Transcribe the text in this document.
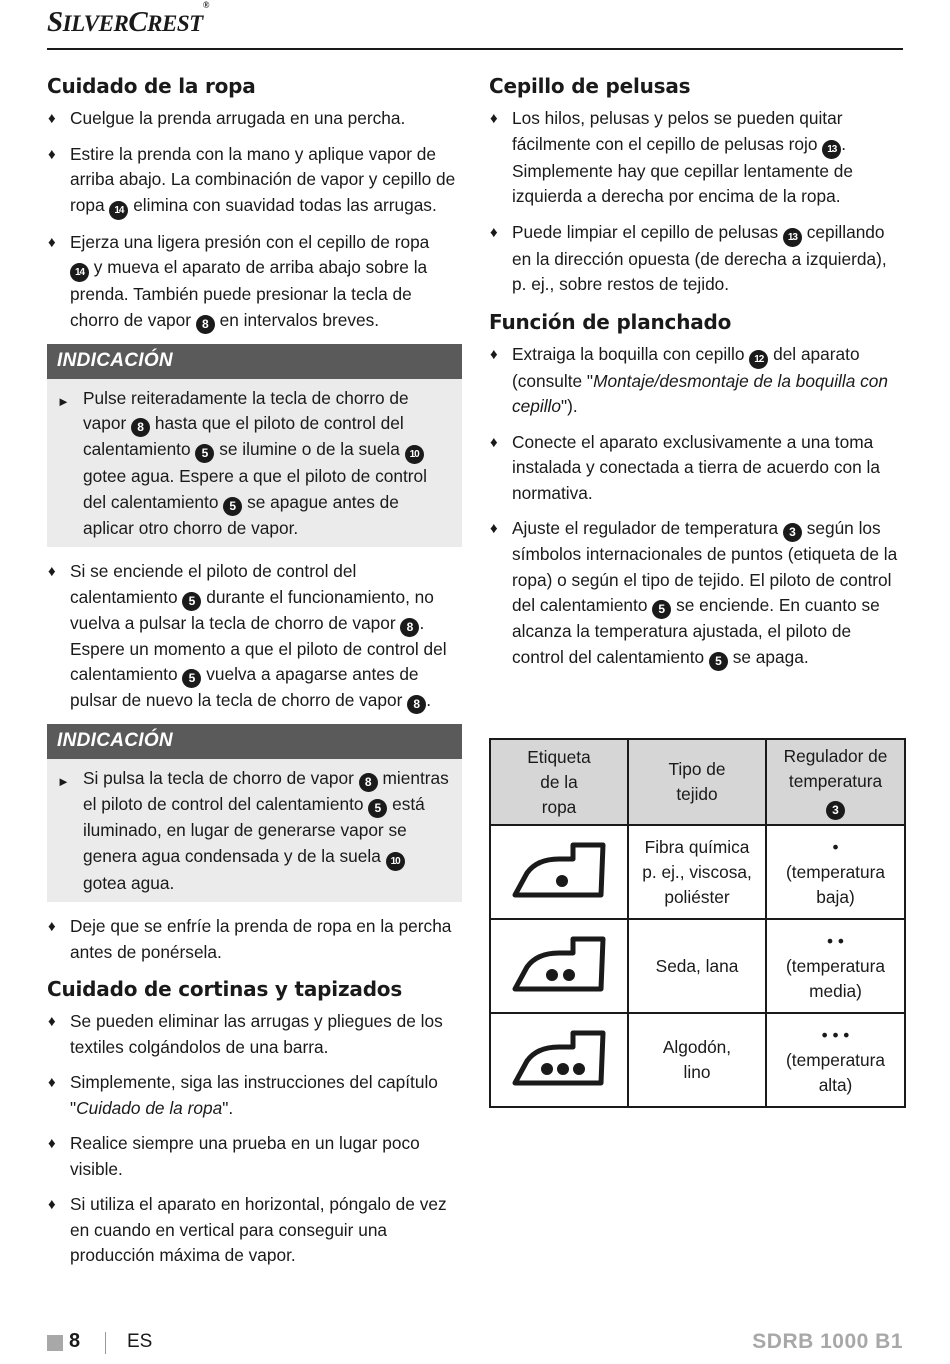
SILVERCREST®
Cuidado de la ropa
♦ Cuelgue la prenda arrugada en una percha.
♦ Estire la prenda con la mano y aplique vapor de arriba abajo. La combinación de vapor y cepillo de ropa 14 elimina con suavidad todas las arrugas.
♦ Ejerza una ligera presión con el cepillo de ropa
14 y mueva el aparato de arriba abajo sobre la prenda. También puede presionar la tecla de chorro de vapor 8 en intervalos breves.
INDICACIÓN
► Pulse reiteradamente la tecla de chorro de vapor 8 hasta que el piloto de control del calentamiento 5 se ilumine o de la suela 10 gotee agua. Espere a que el piloto de control del calentamiento 5 se apague antes de aplicar otro chorro de vapor.
♦ Si se enciende el piloto de control del calentamiento 5 durante el funcionamiento, no vuelva a pulsar la tecla de chorro de vapor 8 . Espere un momento a que el piloto de control del calentamiento 5 vuelva a apagarse antes de pulsar de nuevo la tecla de chorro de vapor 8 .
INDICACIÓN
► Si pulsa la tecla de chorro de vapor 8 mientras el piloto de control del calentamiento 5 está iluminado, en lugar de generarse vapor se genera agua condensada y de la suela 10 gotea agua.
♦ Deje que se enfríe la prenda de ropa en la percha antes de ponérsela.
Cuidado de cortinas y tapizados
♦ Se pueden eliminar las arrugas y pliegues de los textiles colgándolos de una barra.
♦ Simplemente, siga las instrucciones del capítulo "Cuidado de la ropa".
♦ Realice siempre una prueba en un lugar poco visible.
♦ Si utiliza el aparato en horizontal, póngalo de vez en cuando en vertical para conseguir una producción máxima de vapor.
Cepillo de pelusas
♦ Los hilos, pelusas y pelos se pueden quitar fácilmente con el cepillo de pelusas rojo 13 . Simplemente hay que cepillar lentamente de izquierda a derecha por encima de la ropa.
♦ Puede limpiar el cepillo de pelusas 13 cepillando en la dirección opuesta (de derecha a izquierda), p. ej., sobre restos de tejido.
Función de planchado
♦ Extraiga la boquilla con cepillo 12 del aparato (consulte "Montaje/desmontaje de la boquilla con cepillo").
♦ Conecte el aparato exclusivamente a una toma instalada y conectada a tierra de acuerdo con la normativa.
♦ Ajuste el regulador de temperatura 3 según los símbolos internacionales de puntos (etiqueta de la ropa) o según el tipo de tejido. El piloto de control del calentamiento 5 se enciende. En cuanto se alcanza la temperatura ajustada, el piloto de control del calentamiento 5 se apaga.
Etiqueta
de la
ropa	Tipo de
tejido	Regulador de
temperatura
3
	Fibra química
p. ej., viscosa,
poliéster	•
(temperatura
baja)
	Seda, lana	• •
(temperatura
media)
	Algodón,
lino	• • •
(temperatura
alta)
8 ES	SDRB 1000 B1
